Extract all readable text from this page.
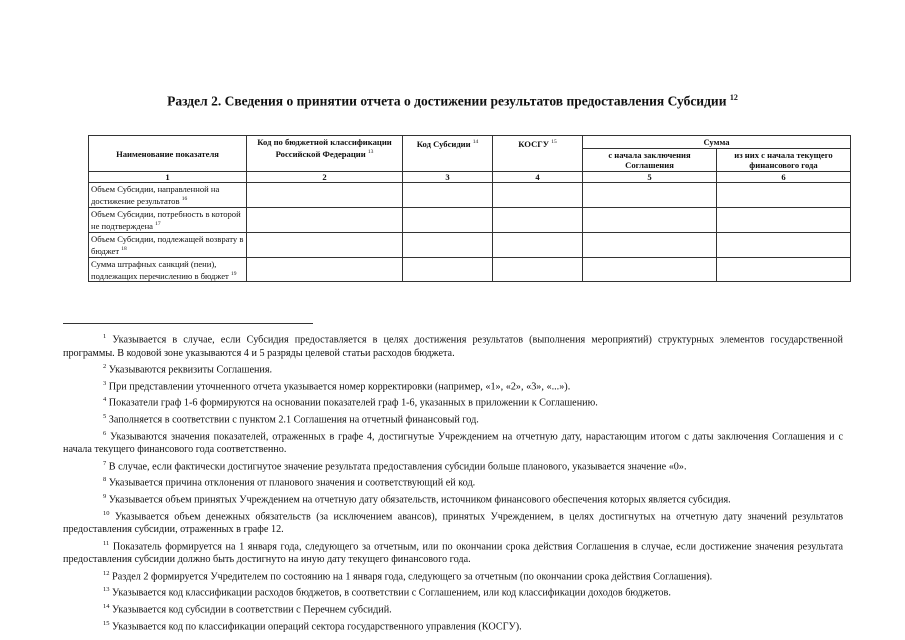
Раздел 2. Сведения о принятии отчета о достижении результатов предоставления Субсидии $^{12}$
Наименование показателя	Код по бюджетной классификации Российской Федерации $^{13}$	Код Субсидии $^{14}$	КОСГУ $^{15}$	Сумма	
				с начала заключения Соглашения	из них с начала текущего финансового года
1	2	3	4	5	6
Объем Субсидии, направленной на достижение результатов $^{16}$					
Объем Субсидии, потребность в которой не подтверждена $^{17}$					
Объем Субсидии, подлежащей возврату в бюджет $^{18}$					
Сумма штрафных санкций (пени), подлежащих перечислению в бюджет $^{19}$					

$^1$ Указывается в случае, если Субсидия предоставляется в целях достижения результатов (выполнения мероприятий) структурных элементов государственной программы. В кодовой зоне указываются 4 и 5 разряды целевой статьи расходов бюджета.

$^2$ Указываются реквизиты Соглашения.

$^3$ При представлении уточненного отчета указывается номер корректировки (например, «1», «2», «3», «...»).

$^4$ Показатели граф 1-6 формируются на основании показателей граф 1-6, указанных в приложении к Соглашению.

$^5$ Заполняется в соответствии с пунктом 2.1 Соглашения на отчетный финансовый год.

$^6$ Указываются значения показателей, отраженных в графе 4, достигнутые Учреждением на отчетную дату, нарастающим итогом с даты заключения Соглашения и с начала текущего финансового года соответственно.

$^7$ В случае, если фактически достигнутое значение результата предоставления субсидии больше планового, указывается значение «0».

$^8$ Указывается причина отклонения от планового значения и соответствующий ей код.

$^9$ Указывается объем принятых Учреждением на отчетную дату обязательств, источником финансового обеспечения которых является субсидия.

$^{10}$ Указывается объем денежных обязательств (за исключением авансов), принятых Учреждением, в целях достигнутых на отчетную дату значений результатов предоставления субсидии, отраженных в графе 12.

$^{11}$ Показатель формируется на 1 января года, следующего за отчетным, или по окончании срока действия Соглашения в случае, если достижение значения результата предоставления субсидии должно быть достигнуто на иную дату текущего финансового года.

$^{12}$ Раздел 2 формируется Учредителем по состоянию на 1 января года, следующего за отчетным (по окончании срока действия Соглашения).

$^{13}$ Указывается код классификации расходов бюджетов, в соответствии с Соглашением, или код классификации доходов бюджетов.

$^{14}$ Указывается код субсидии в соответствии с Перечнем субсидий.

$^{15}$ Указывается код по классификации операций сектора государственного управления (КОСГУ).
